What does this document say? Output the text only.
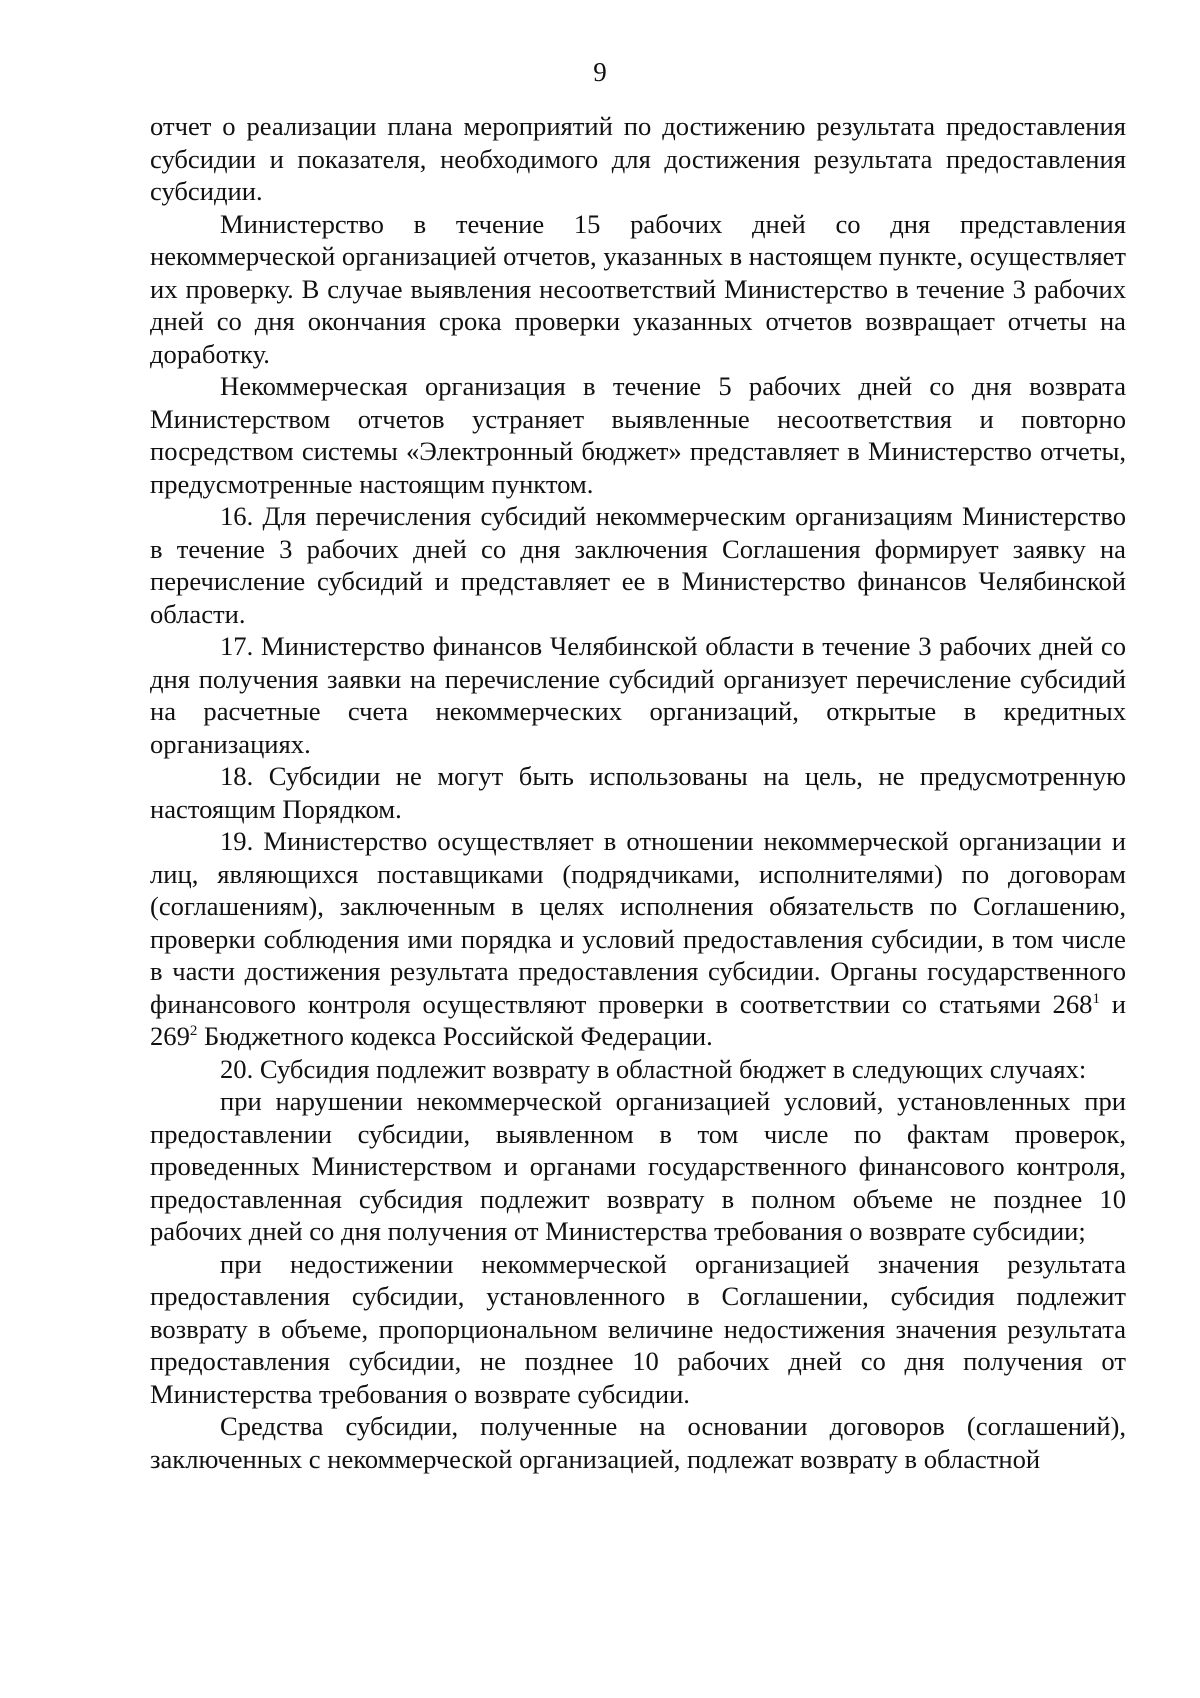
9

отчет о реализации плана мероприятий по достижению результата предоставления субсидии и показателя, необходимого для достижения результата предоставления субсидии.

Министерство в течение 15 рабочих дней со дня представления некоммерческой организацией отчетов, указанных в настоящем пункте, осуществляет их проверку. В случае выявления несоответствий Министерство в течение 3 рабочих дней со дня окончания срока проверки указанных отчетов возвращает отчеты на доработку.

Некоммерческая организация в течение 5 рабочих дней со дня возврата Министерством отчетов устраняет выявленные несоответствия и повторно посредством системы «Электронный бюджет» представляет в Министерство отчеты, предусмотренные настоящим пунктом.

16. Для перечисления субсидий некоммерческим организациям Министерство в течение 3 рабочих дней со дня заключения Соглашения формирует заявку на перечисление субсидий и представляет ее в Министерство финансов Челябинской области.

17. Министерство финансов Челябинской области в течение 3 рабочих дней со дня получения заявки на перечисление субсидий организует перечисление субсидий на расчетные счета некоммерческих организаций, открытые в кредитных организациях.

18. Субсидии не могут быть использованы на цель, не предусмотренную настоящим Порядком.

19. Министерство осуществляет в отношении некоммерческой организации и лиц, являющихся поставщиками (подрядчиками, исполнителями) по договорам (соглашениям), заключенным в целях исполнения обязательств по Соглашению, проверки соблюдения ими порядка и условий предоставления субсидии, в том числе в части достижения результата предоставления субсидии. Органы государственного финансового контроля осуществляют проверки в соответствии со статьями $268^1$ и $269^2$ Бюджетного кодекса Российской Федерации.

20. Субсидия подлежит возврату в областной бюджет в следующих случаях:

при нарушении некоммерческой организацией условий, установленных при предоставлении субсидии, выявленном в том числе по фактам проверок, проведенных Министерством и органами государственного финансового контроля, предоставленная субсидия подлежит возврату в полном объеме не позднее 10 рабочих дней со дня получения от Министерства требования о возврате субсидии;

при недостижении некоммерческой организацией значения результата предоставления субсидии, установленного в Соглашении, субсидия подлежит возврату в объеме, пропорциональном величине недостижения значения результата предоставления субсидии, не позднее 10 рабочих дней со дня получения от Министерства требования о возврате субсидии.

Средства субсидии, полученные на основании договоров (соглашений), заключенных с некоммерческой организацией, подлежат возврату в областной
